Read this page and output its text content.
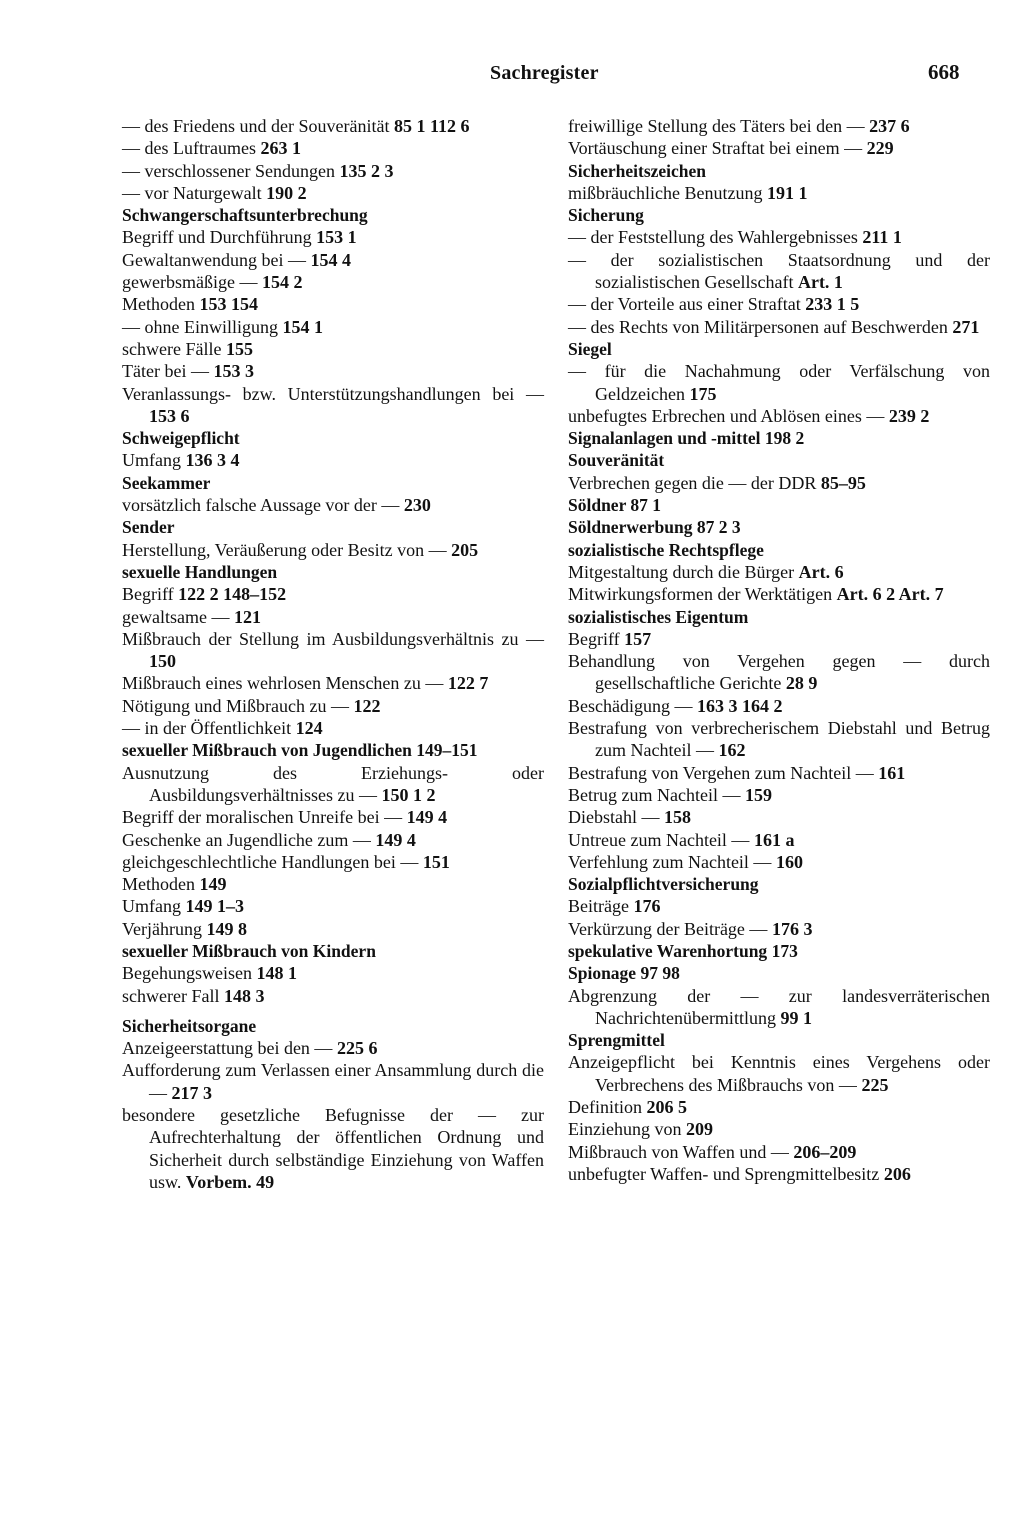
Sachregister	668
— des Friedens und der Souveränität 85 1 112 6
— des Luftraumes 263 1
— verschlossener Sendungen 135 2 3
— vor Naturgewalt 190 2
Schwangerschaftsunterbrechung
Begriff und Durchführung 153 1
Gewaltanwendung bei — 154 4
gewerbsmäßige — 154 2
Methoden 153 154
— ohne Einwilligung 154 1
schwere Fälle 155
Täter bei — 153 3
Veranlassungs- bzw. Unterstützungshandlungen bei — 153 6
Schweigepflicht
Umfang 136 3 4
Seekammer
vorsätzlich falsche Aussage vor der — 230
Sender
Herstellung, Veräußerung oder Besitz von — 205
sexuelle Handlungen
Begriff 122 2 148–152
gewaltsame — 121
Mißbrauch der Stellung im Ausbildungsverhältnis zu — 150
Mißbrauch eines wehrlosen Menschen zu — 122 7
Nötigung und Mißbrauch zu — 122
— in der Öffentlichkeit 124
sexueller Mißbrauch von Jugendlichen 149–151
Ausnutzung des Erziehungs- oder Ausbildungsverhältnisses zu — 150 1 2
Begriff der moralischen Unreife bei — 149 4
Geschenke an Jugendliche zum — 149 4
gleichgeschlechtliche Handlungen bei — 151
Methoden 149
Umfang 149 1–3
Verjährung 149 8
sexueller Mißbrauch von Kindern
Begehungsweisen 148 1
schwerer Fall 148 3
Sicherheitsorgane
Anzeigeerstattung bei den — 225 6
Aufforderung zum Verlassen einer Ansammlung durch die — 217 3
besondere gesetzliche Befugnisse der — zur Aufrechterhaltung der öffentlichen Ordnung und Sicherheit durch selbständige Einziehung von Waffen usw. Vorbem. 49
freiwillige Stellung des Täters bei den — 237 6
Vortäuschung einer Straftat bei einem — 229
Sicherheitszeichen
mißbräuchliche Benutzung 191 1
Sicherung
— der Feststellung des Wahlergebnisses 211 1
— der sozialistischen Staatsordnung und der sozialistischen Gesellschaft Art. 1
— der Vorteile aus einer Straftat 233 1 5
— des Rechts von Militärpersonen auf Beschwerden 271
Siegel
— für die Nachahmung oder Verfälschung von Geldzeichen 175
unbefugtes Erbrechen und Ablösen eines — 239 2
Signalanlagen und -mittel 198 2
Souveränität
Verbrechen gegen die — der DDR 85–95
Söldner 87 1
Söldnerwerbung 87 2 3
sozialistische Rechtspflege
Mitgestaltung durch die Bürger Art. 6
Mitwirkungsformen der Werktätigen Art. 6 2 Art. 7
sozialistisches Eigentum
Begriff 157
Behandlung von Vergehen gegen — durch gesellschaftliche Gerichte 28 9
Beschädigung — 163 3 164 2
Bestrafung von verbrecherischem Diebstahl und Betrug zum Nachteil — 162
Bestrafung von Vergehen zum Nachteil — 161
Betrug zum Nachteil — 159
Diebstahl — 158
Untreue zum Nachteil — 161 a
Verfehlung zum Nachteil — 160
Sozialpflichtversicherung
Beiträge 176
Verkürzung der Beiträge — 176 3
spekulative Warenhortung 173
Spionage 97 98
Abgrenzung der — zur landesverräterischen Nachrichtenübermittlung 99 1
Sprengmittel
Anzeigepflicht bei Kenntnis eines Vergehens oder Verbrechens des Mißbrauchs von — 225
Definition 206 5
Einziehung von 209
Mißbrauch von Waffen und — 206–209
unbefugter Waffen- und Sprengmittelbesitz 206
